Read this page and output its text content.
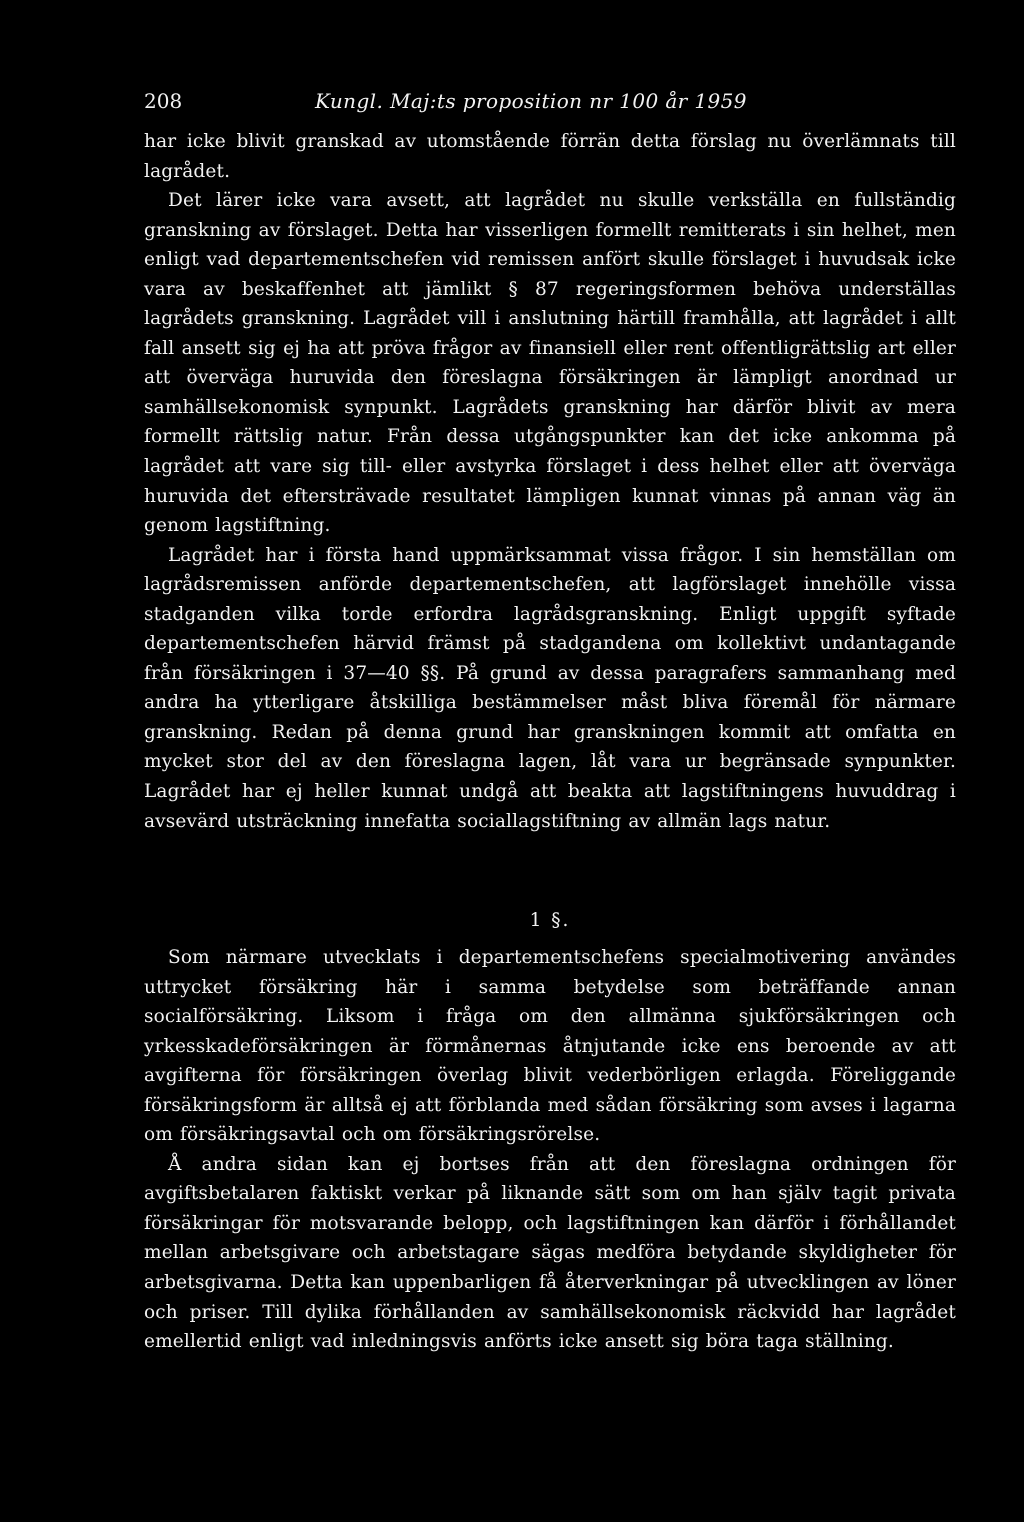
208	Kungl. Maj:ts proposition nr 100 år 1959

har icke blivit granskad av utomstående förrän detta förslag nu överlämnats till lagrådet.

Det lärer icke vara avsett, att lagrådet nu skulle verkställa en fullständig granskning av förslaget. Detta har visserligen formellt remitterats i sin helhet, men enligt vad departementschefen vid remissen anfört skulle förslaget i huvudsak icke vara av beskaffenhet att jämlikt § 87 regeringsformen behöva underställas lagrådets granskning. Lagrådet vill i anslutning härtill framhålla, att lagrådet i allt fall ansett sig ej ha att pröva frågor av finansiell eller rent offentligrättslig art eller att överväga huruvida den föreslagna försäkringen är lämpligt anordnad ur samhällsekonomisk synpunkt. Lagrådets granskning har därför blivit av mera formellt rättslig natur. Från dessa utgångspunkter kan det icke ankomma på lagrådet att vare sig till- eller avstyrka förslaget i dess helhet eller att överväga huruvida det eftersträvade resultatet lämpligen kunnat vinnas på annan väg än genom lagstiftning.

Lagrådet har i första hand uppmärksammat vissa frågor. I sin hemställan om lagrådsremissen anförde departementschefen, att lagförslaget innehölle vissa stadganden vilka torde erfordra lagrådsgranskning. Enligt uppgift syftade departementschefen härvid främst på stadgandena om kollektivt undantagande från försäkringen i 37—40 §§. På grund av dessa paragrafers sammanhang med andra ha ytterligare åtskilliga bestämmelser måst bliva föremål för närmare granskning. Redan på denna grund har granskningen kommit att omfatta en mycket stor del av den föreslagna lagen, låt vara ur begränsade synpunkter. Lagrådet har ej heller kunnat undgå att beakta att lagstiftningens huvuddrag i avsevärd utsträckning innefatta sociallagstiftning av allmän lags natur.

1 §.

Som närmare utvecklats i departementschefens specialmotivering användes uttrycket försäkring här i samma betydelse som beträffande annan socialförsäkring. Liksom i fråga om den allmänna sjukförsäkringen och yrkesskadeförsäkringen är förmånernas åtnjutande icke ens beroende av att avgifterna för försäkringen överlag blivit vederbörligen erlagda. Föreliggande försäkringsform är alltså ej att förblanda med sådan försäkring som avses i lagarna om försäkringsavtal och om försäkringsrörelse.

Å andra sidan kan ej bortses från att den föreslagna ordningen för avgiftsbetalaren faktiskt verkar på liknande sätt som om han själv tagit privata försäkringar för motsvarande belopp, och lagstiftningen kan därför i förhållandet mellan arbetsgivare och arbetstagare sägas medföra betydande skyldigheter för arbetsgivarna. Detta kan uppenbarligen få återverkningar på utvecklingen av löner och priser. Till dylika förhållanden av samhällsekonomisk räckvidd har lagrådet emellertid enligt vad inledningsvis anförts icke ansett sig böra taga ställning.
